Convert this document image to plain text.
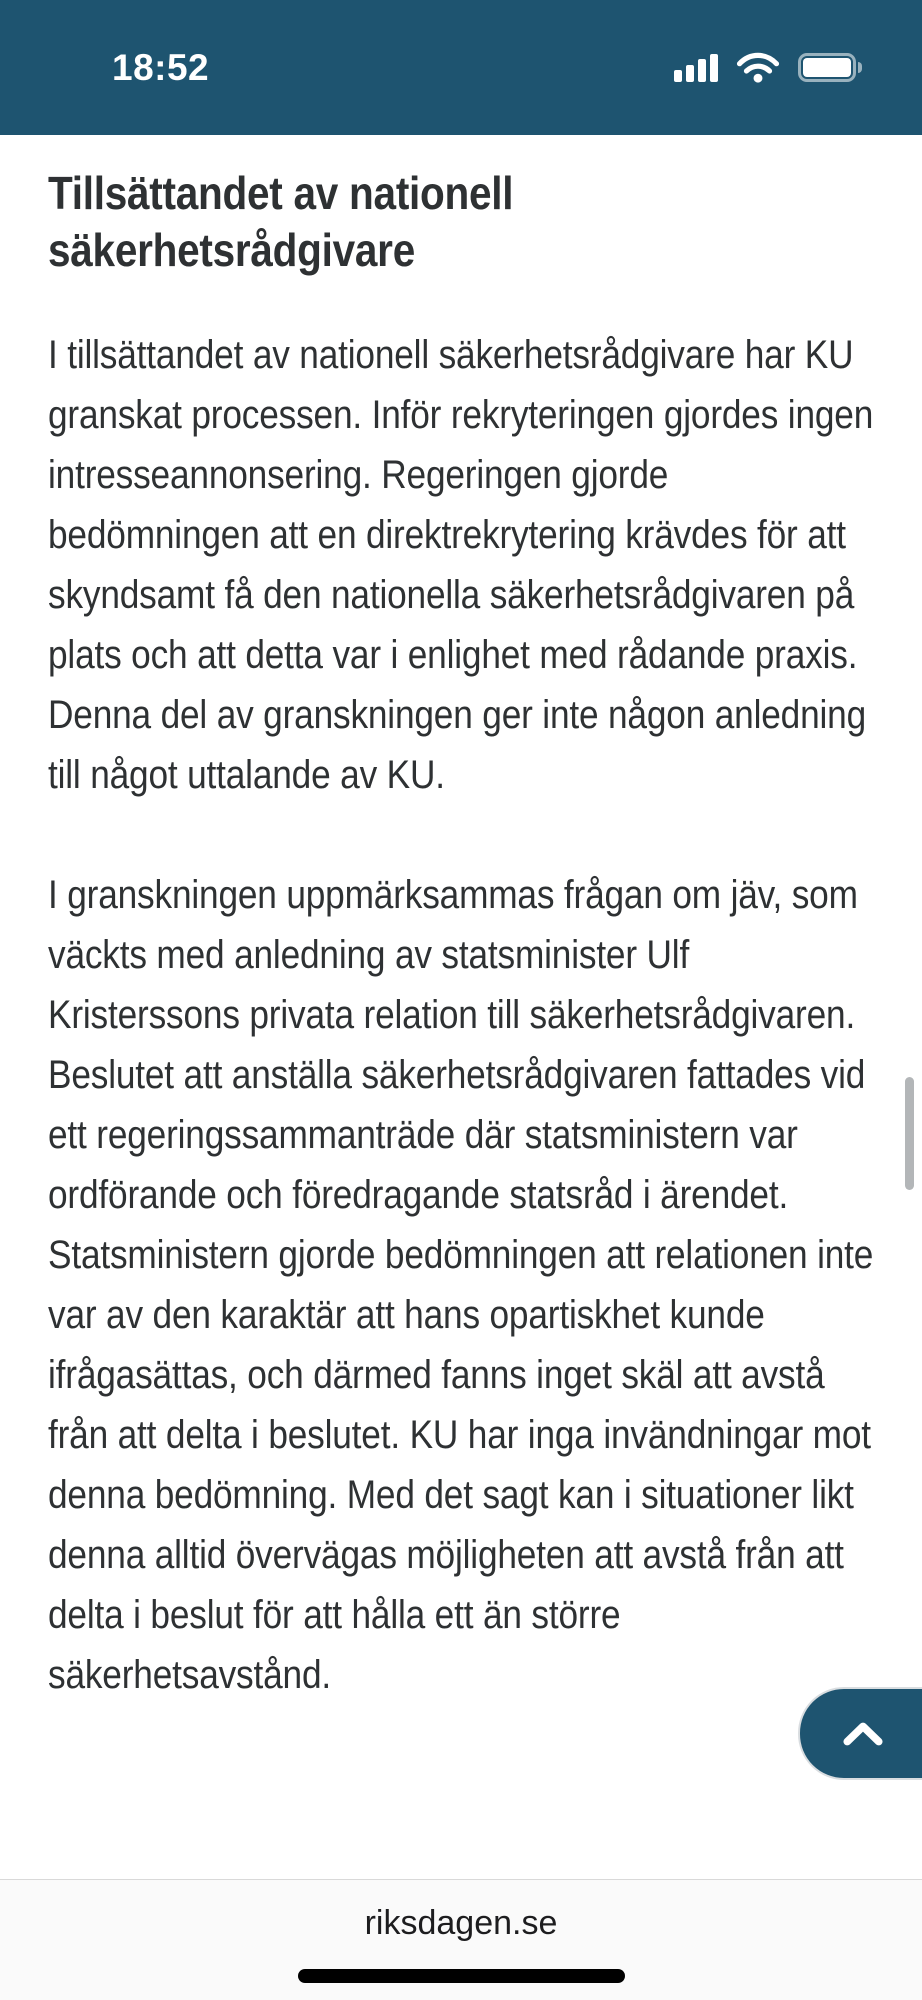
18:52
Tillsättandet av nationell säkerhetsrådgivare

I tillsättandet av nationell säkerhetsrådgivare har KU granskat processen. Inför rekryteringen gjordes ingen intresseannonsering. Regeringen gjorde bedömningen att en direktrekrytering krävdes för att skyndsamt få den nationella säkerhetsrådgivaren på plats och att detta var i enlighet med rådande praxis. Denna del av granskningen ger inte någon anledning till något uttalande av KU.

I granskningen uppmärksammas frågan om jäv, som väckts med anledning av statsminister Ulf Kristerssons privata relation till säkerhetsrådgivaren. Beslutet att anställa säkerhetsrådgivaren fattades vid ett regeringssammanträde där statsministern var ordförande och föredragande statsråd i ärendet. Statsministern gjorde bedömningen att relationen inte var av den karaktär att hans opartiskhet kunde ifrågasättas, och därmed fanns inget skäl att avstå från att delta i beslutet. KU har inga invändningar mot denna bedömning. Med det sagt kan i situationer likt denna alltid övervägas möjligheten att avstå från att delta i beslut för att hålla ett än större säkerhetsavstånd.

riksdagen.se
